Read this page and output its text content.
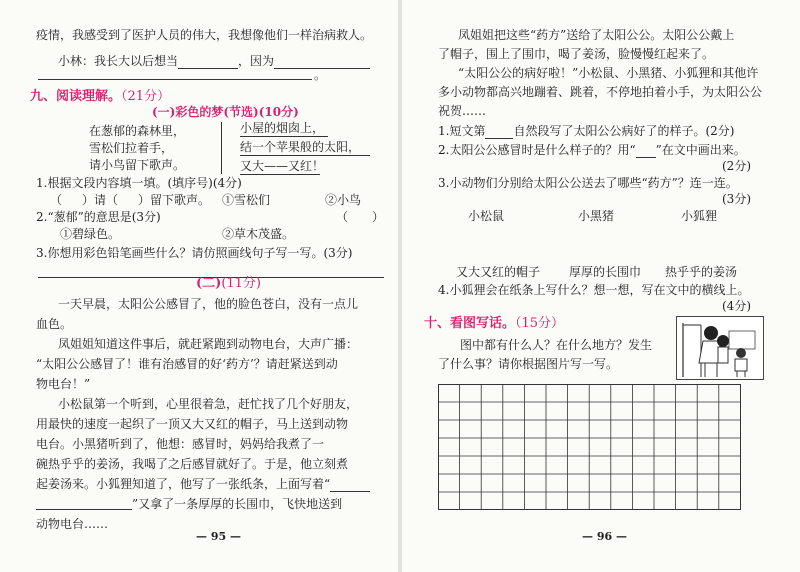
疫情，我感受到了医护人员的伟大，我想像他们一样治病救人。
小林：我长大以后想当	，因为
。
九、阅读理解。（21分）
(一)彩色的梦(节选)(10分)
在葱郁的森林里，
雪松们拉着手，
请小鸟留下歌声。
小屋的烟囱上，
结一个苹果般的太阳，
又大——又红！
1.根据文段内容填一填。(填序号)(4分)
（ ）请（ ）留下歌声。 ①雪松们	②小鸟
2.“葱郁”的意思是(3分)	（　　）
①碧绿色。	②草木茂盛。
3.你想用彩色铅笔画些什么？请仿照画线句子写一写。(3分)
(二)(11分)
一天早晨，太阳公公感冒了，他的脸色苍白，没有一点儿
血色。
凤姐姐知道这件事后，就赶紧跑到动物电台，大声广播：
“太阳公公感冒了！谁有治感冒的好‘药方’？请赶紧送到动
物电台！”
小松鼠第一个听到，心里很着急，赶忙找了几个好朋友，
用最快的速度一起织了一顶又大又红的帽子，马上送到动物
电台。小黑猪听到了，他想：感冒时，妈妈给我煮了一
碗热乎乎的姜汤，我喝了之后感冒就好了。于是，他立刻煮
起姜汤来。小狐狸知道了，他写了一张纸条，上面写着“
”又拿了一条厚厚的长围巾，飞快地送到
动物电台……
— 95 —
凤姐姐把这些“药方”送给了太阳公公。太阳公公戴上
了帽子，围上了围巾，喝了姜汤，脸慢慢红起来了。
“太阳公公的病好啦！”小松鼠、小黑猪、小狐狸和其他许
多小动物都高兴地蹦着、跳着，不停地拍着小手，为太阳公公
祝贺……
1.短文第 自然段写了太阳公公病好了的样子。(2分)
2.太阳公公感冒时是什么样子的？用“ ”在文中画出来。
(2分)
3.小动物们分别给太阳公公送去了哪些“药方”？连一连。
(3分)
小松鼠	小黑猪	小狐狸
又大又红的帽子 厚厚的长围巾 热乎乎的姜汤
4.小狐狸会在纸条上写什么？想一想，写在文中的横线上。
(4分)
十、看图写话。（15分）
图中都有什么人？在什么地方？发生
了什么事？请你根据图片写一写。
— 96 —
